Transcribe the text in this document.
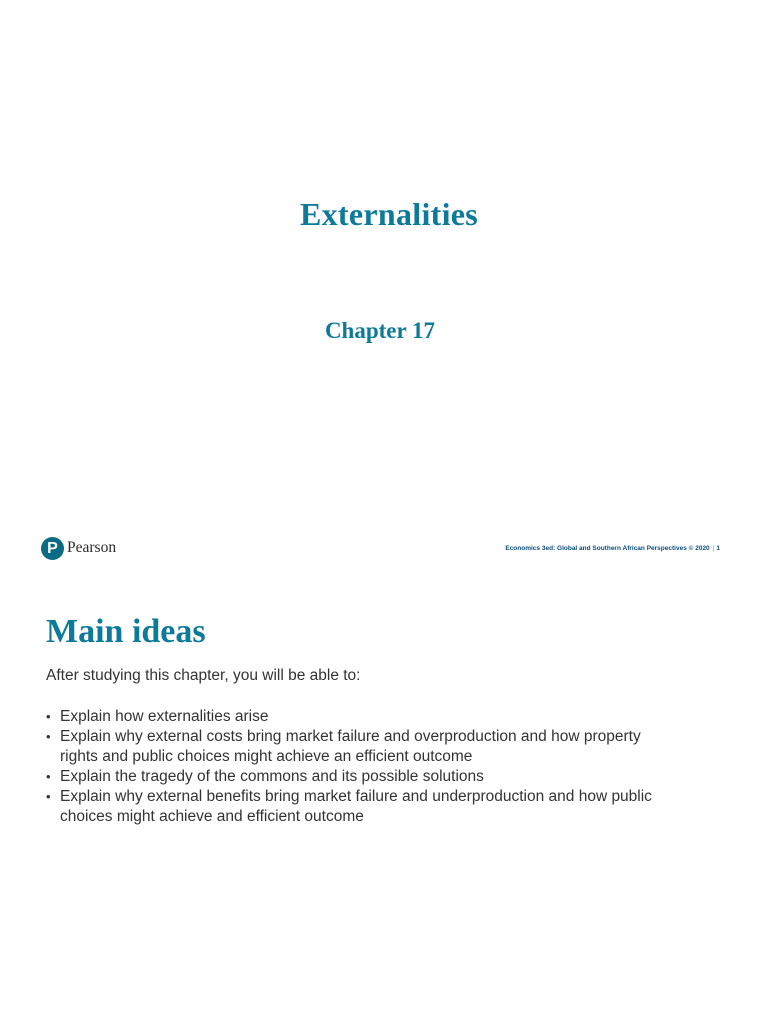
Externalities
Chapter 17
P Pearson	Economics 3ed: Global and Southern African Perspectives © 2020 | 1
Main ideas
After studying this chapter, you will be able to:
• Explain how externalities arise
• Explain why external costs bring market failure and overproduction and how property rights and public choices might achieve an efficient outcome
• Explain the tragedy of the commons and its possible solutions
• Explain why external benefits bring market failure and underproduction and how public choices might achieve and efficient outcome
